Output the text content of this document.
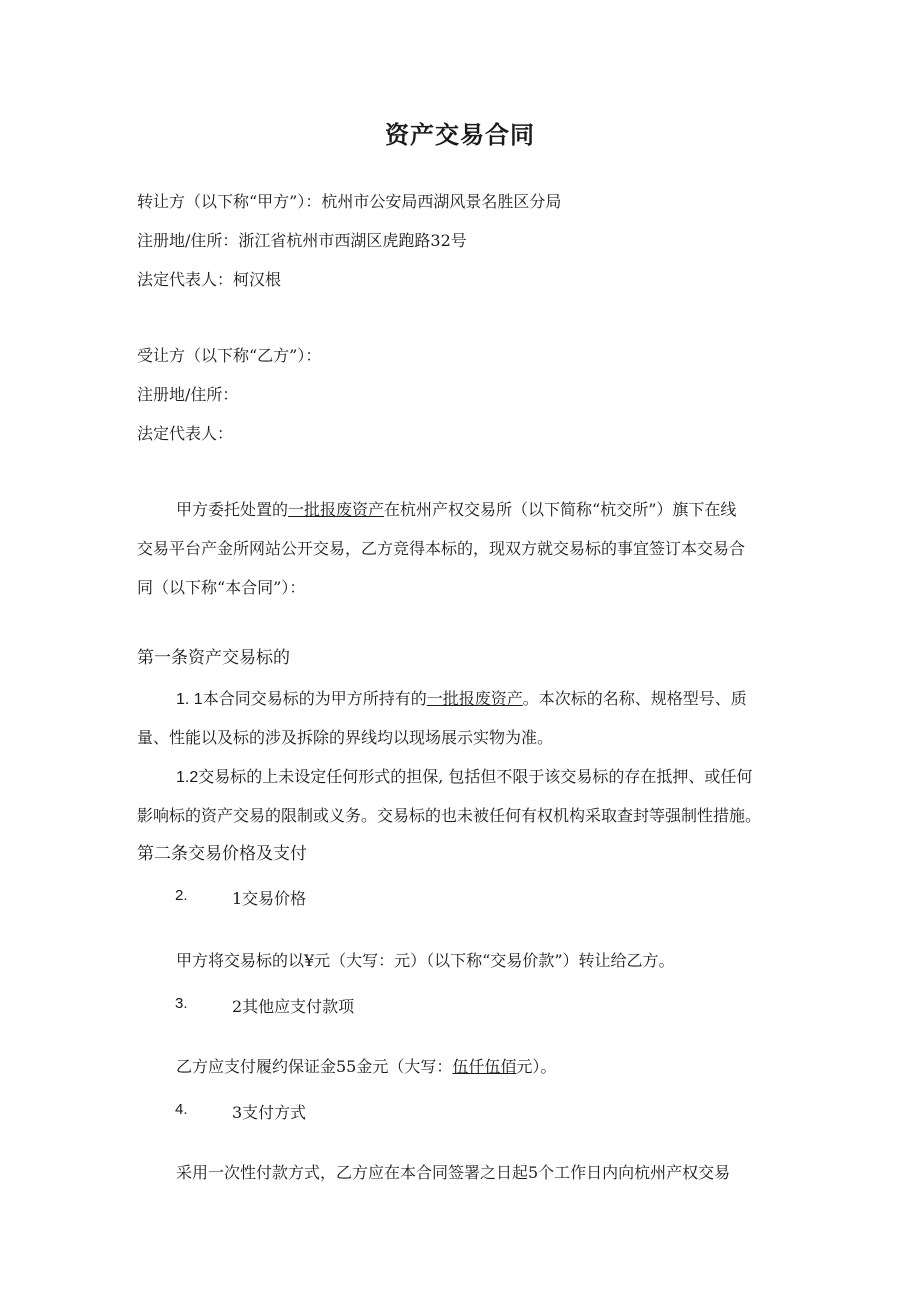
资产交易合同
转让方（以下称“甲方”）：杭州市公安局西湖风景名胜区分局
注册地/住所：浙江省杭州市西湖区虎跑路32号
法定代表人：柯汉根
受让方（以下称“乙方”）：
注册地/住所：
法定代表人：
甲方委托处置的一批报废资产在杭州产权交易所（以下简称“杭交所”）旗下在线
交易平台产金所网站公开交易，乙方竞得本标的，现双方就交易标的事宜签订本交易合
同（以下称“本合同”）：
第一条资产交易标的
1. 1本合同交易标的为甲方所持有的一批报废资产。本次标的名称、规格型号、质
量、性能以及标的涉及拆除的界线均以现场展示实物为准。
1.2交易标的上未设定任何形式的担保, 包括但不限于该交易标的存在抵押、或任何
影响标的资产交易的限制或义务。交易标的也未被任何有权机构采取查封等强制性措施。
第二条交易价格及支付
2.	1交易价格
甲方将交易标的以¥元（大写：元）（以下称“交易价款”）转让给乙方。
3.	2其他应支付款项
乙方应支付履约保证金55金元（大写：伍仟伍佰元）。
4.	3支付方式
采用一次性付款方式，乙方应在本合同签署之日起5个工作日内向杭州产权交易
